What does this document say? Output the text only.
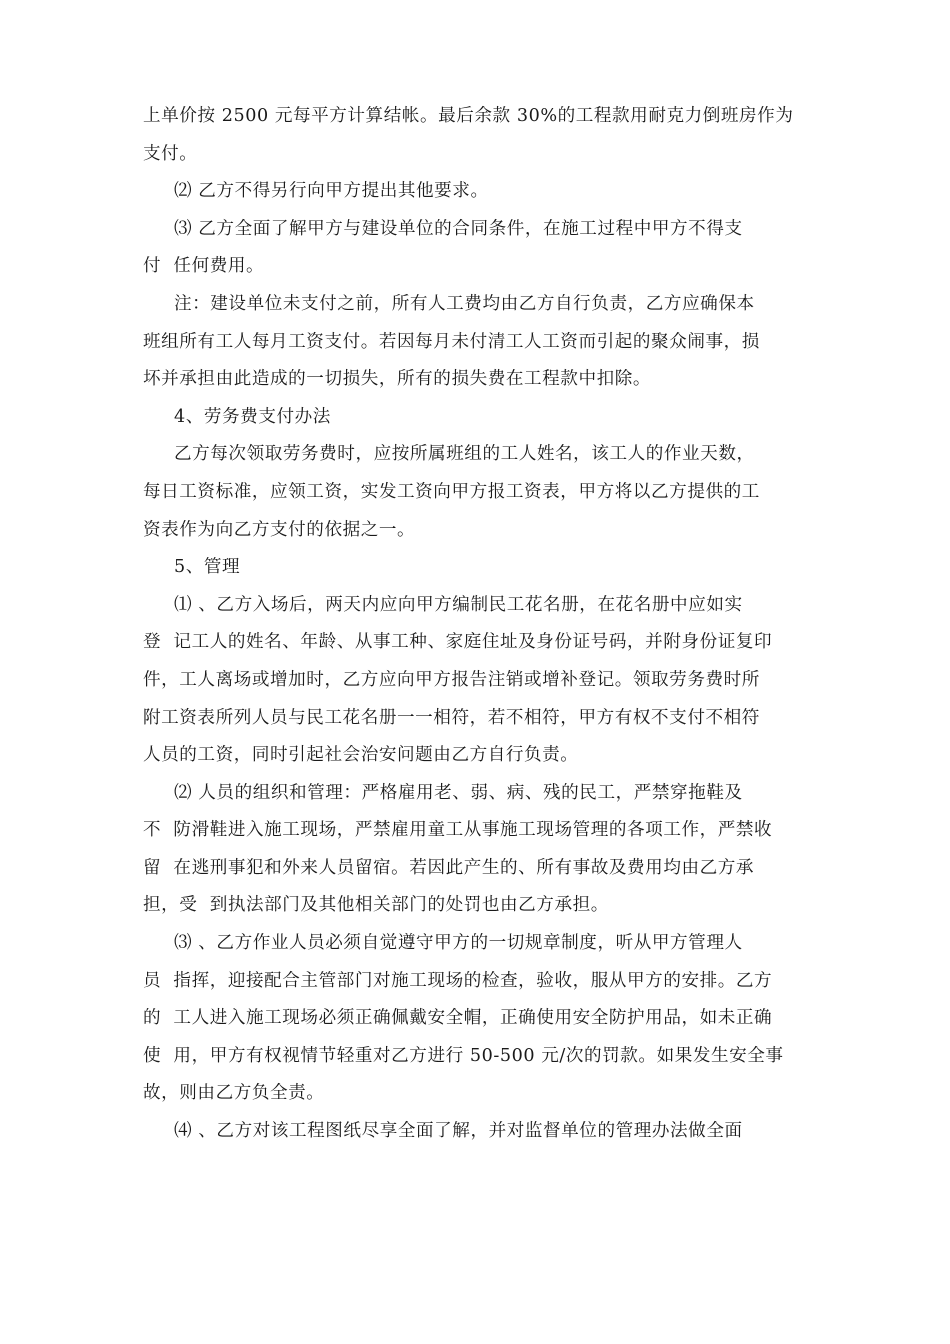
上单价按 2500 元每平方计算结帐。最后余款 30%的工程款用耐克力倒班房作为
支付。
⑵ 乙方不得另行向甲方提出其他要求。
⑶ 乙方全面了解甲方与建设单位的合同条件，在施工过程中甲方不得支
付  任何费用。
注：建设单位未支付之前，所有人工费均由乙方自行负责，乙方应确保本
班组所有工人每月工资支付。若因每月未付清工人工资而引起的聚众闹事，损
坏并承担由此造成的一切损失，所有的损失费在工程款中扣除。
4、劳务费支付办法
乙方每次领取劳务费时，应按所属班组的工人姓名，该工人的作业天数，
每日工资标准，应领工资，实发工资向甲方报工资表，甲方将以乙方提供的工
资表作为向乙方支付的依据之一。
5、管理
⑴ 、乙方入场后，两天内应向甲方编制民工花名册，在花名册中应如实
登  记工人的姓名、年龄、从事工种、家庭住址及身份证号码，并附身份证复印
件，工人离场或增加时，乙方应向甲方报告注销或增补登记。领取劳务费时所
附工资表所列人员与民工花名册一一相符，若不相符，甲方有权不支付不相符
人员的工资，同时引起社会治安问题由乙方自行负责。
⑵ 人员的组织和管理：严格雇用老、弱、病、残的民工，严禁穿拖鞋及
不  防滑鞋进入施工现场，严禁雇用童工从事施工现场管理的各项工作，严禁收
留  在逃刑事犯和外来人员留宿。若因此产生的、所有事故及费用均由乙方承
担，受  到执法部门及其他相关部门的处罚也由乙方承担。
⑶ 、乙方作业人员必须自觉遵守甲方的一切规章制度，听从甲方管理人
员  指挥，迎接配合主管部门对施工现场的检查，验收，服从甲方的安排。乙方
的  工人进入施工现场必须正确佩戴安全帽，正确使用安全防护用品，如未正确
使  用，甲方有权视情节轻重对乙方进行 50-500 元/次的罚款。如果发生安全事
故，则由乙方负全责。
⑷ 、乙方对该工程图纸尽享全面了解，并对监督单位的管理办法做全面
